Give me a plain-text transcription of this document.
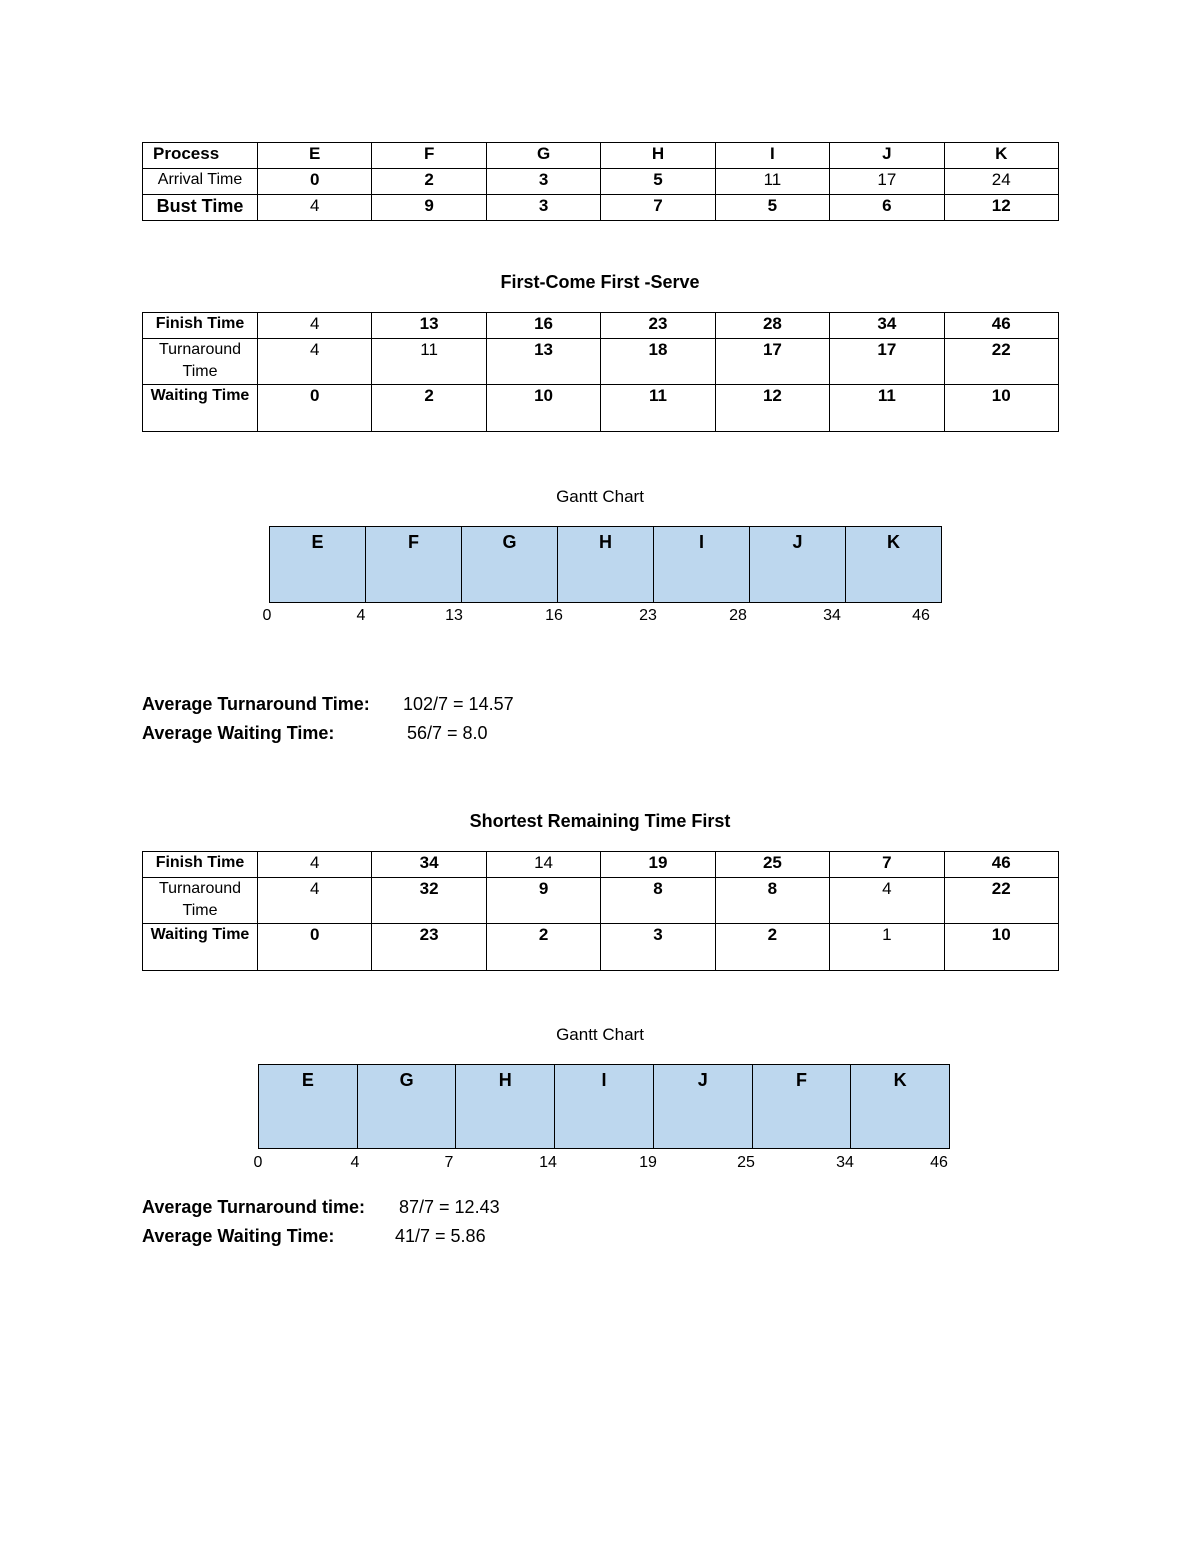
Process	E	F	G	H	I	J	K
Arrival Time	0	2	3	5	11	17	24
Bust Time	4	9	3	7	5	6	12
First-Come First -Serve
Finish Time	4	13	16	23	28	34	46
Turnaround Time	4	11	13	18	17	17	22
Waiting Time	0	2	10	11	12	11	10
Gantt Chart
E	F	G	H	I	J	K
0	4	13	16	23	28	34	46
Average Turnaround Time: 102/7 = 14.57
Average Waiting Time:	56/7 = 8.0
Shortest Remaining Time First
Finish Time	4	34	14	19	25	7	46
Turnaround Time	4	32	9	8	8	4	22
Waiting Time	0	23	2	3	2	1	10
Gantt Chart
E	G	H	I	J	F	K
0	4	7	14	19	25	34	46
Average Turnaround time: 87/7 = 12.43
Average Waiting Time:	41/7 = 5.86
